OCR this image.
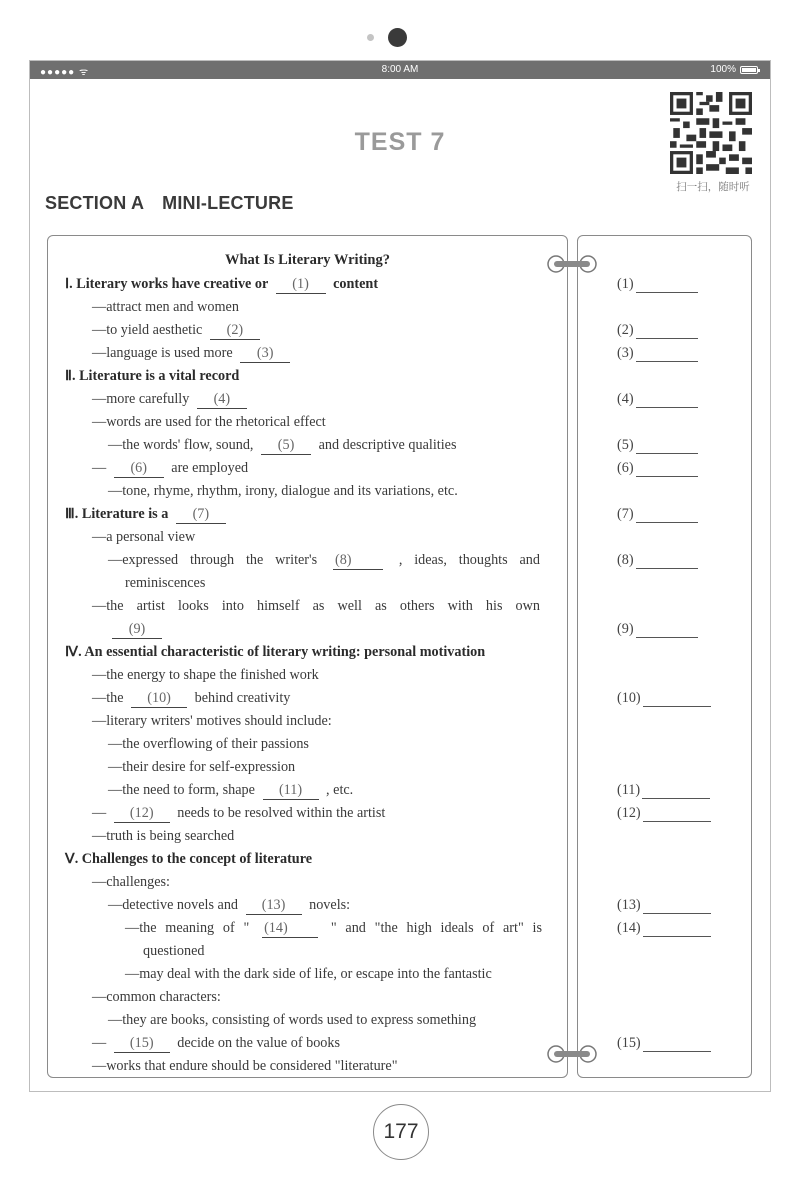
●●●●● ᯤ	8:00 AM	100%
TEST 7
扫一扫，随时听
SECTION A MINI-LECTURE
What Is Literary Writing?
Ⅰ. Literary works have creative or (1) content
—attract men and women
—to yield aesthetic (2)
—language is used more (3)
Ⅱ. Literature is a vital record
—more carefully (4)
—words are used for the rhetorical effect
—the words' flow, sound, (5) and descriptive qualities
— (6) are employed
—tone, rhyme, rhythm, irony, dialogue and its variations, etc.
Ⅲ. Literature is a (7)
—a personal view
—expressed through the writer's (8) , ideas, thoughts and
reminiscences
—the artist looks into himself as well as others with his own
(9)
Ⅳ. An essential characteristic of literary writing: personal motivation
—the energy to shape the finished work
—the (10) behind creativity
—literary writers' motives should include:
—the overflowing of their passions
—their desire for self-expression
—the need to form, shape (11) , etc.
— (12) needs to be resolved within the artist
—truth is being searched
Ⅴ. Challenges to the concept of literature
—challenges:
—detective novels and (13) novels:
—the meaning of " (14) " and "the high ideals of art" is
questioned
—may deal with the dark side of life, or escape into the fantastic
—common characters:
—they are books, consisting of words used to express something
— (15) decide on the value of books
—works that endure should be considered "literature"
(1)
(2)
(3)
(4)
(5)
(6)
(7)
(8)
(9)
(10)
(11)
(12)
(13)
(14)
(15)
177
